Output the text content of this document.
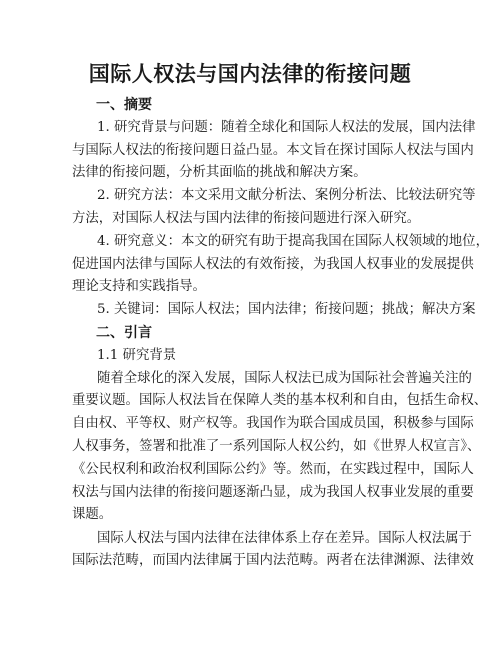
国际人权法与国内法律的衔接问题
一、摘要
1. 研究背景与问题：随着全球化和国际人权法的发展，国内法律
与国际人权法的衔接问题日益凸显。本文旨在探讨国际人权法与国内
法律的衔接问题，分析其面临的挑战和解决方案。
2. 研究方法：本文采用文献分析法、案例分析法、比较法研究等
方法，对国际人权法与国内法律的衔接问题进行深入研究。
4. 研究意义：本文的研究有助于提高我国在国际人权领域的地位，
促进国内法律与国际人权法的有效衔接，为我国人权事业的发展提供
理论支持和实践指导。
5. 关键词：国际人权法；国内法律；衔接问题；挑战；解决方案
二、引言
1.1 研究背景
随着全球化的深入发展，国际人权法已成为国际社会普遍关注的
重要议题。国际人权法旨在保障人类的基本权利和自由，包括生命权、
自由权、平等权、财产权等。我国作为联合国成员国，积极参与国际
人权事务，签署和批准了一系列国际人权公约，如《世界人权宣言》、
《公民权利和政治权利国际公约》等。然而，在实践过程中，国际人
权法与国内法律的衔接问题逐渐凸显，成为我国人权事业发展的重要
课题。
国际人权法与国内法律在法律体系上存在差异。国际人权法属于
国际法范畴，而国内法律属于国内法范畴。两者在法律渊源、法律效
